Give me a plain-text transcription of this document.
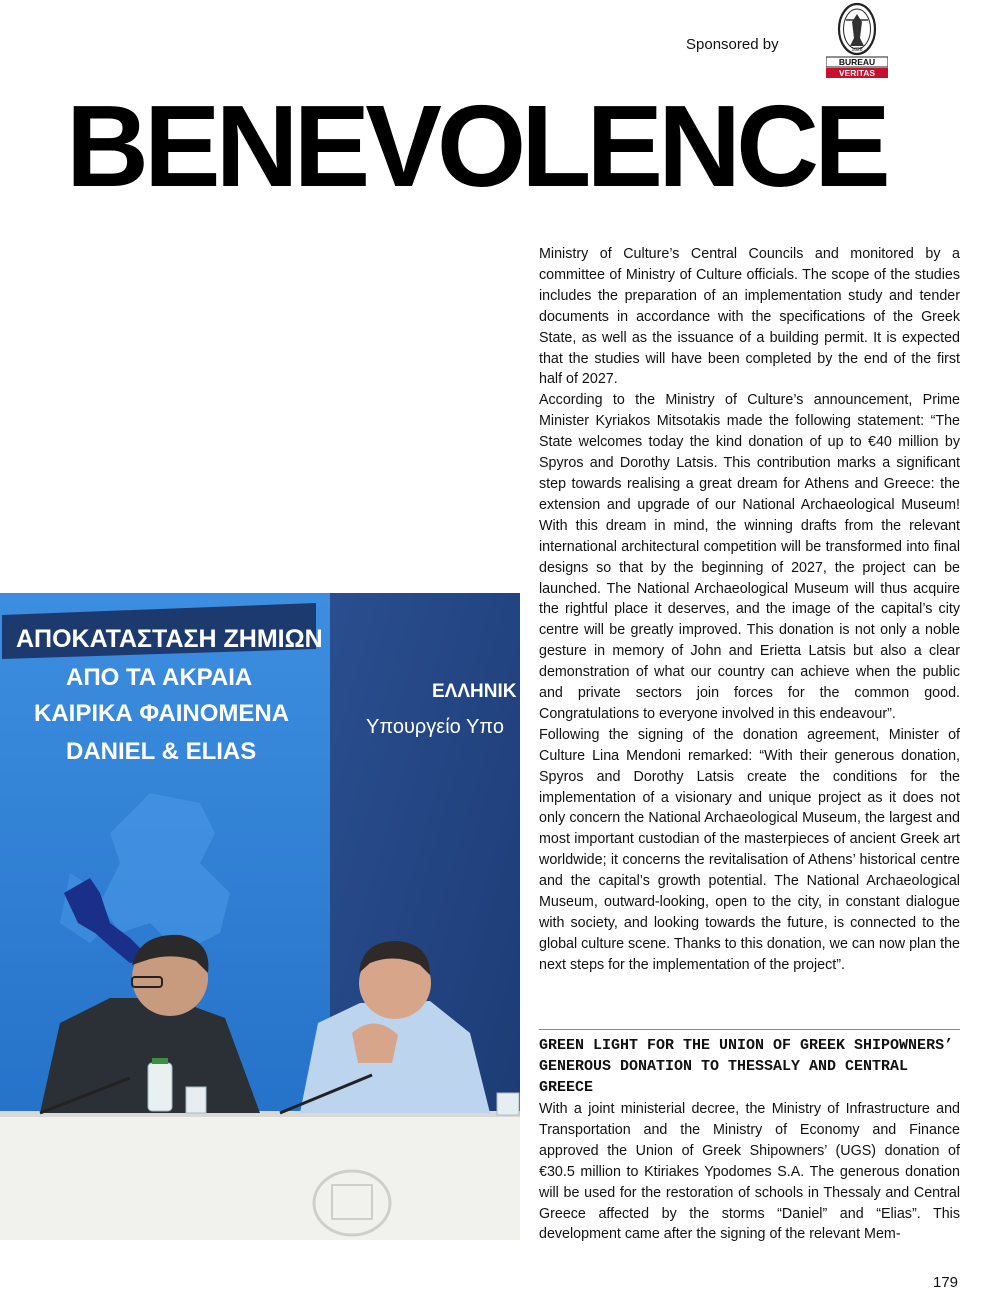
Sponsored by	1828
BUREAU
VERITAS
BENEVOLENCE

Ministry of Culture’s Central Councils and monitored by a committee of Ministry of Culture officials. The scope of the studies includes the preparation of an implementation study and tender documents in accordance with the specifications of the Greek State, as well as the issuance of a building permit. It is expected that the studies will have been completed by the end of the first half of 2027.

According to the Ministry of Culture’s announcement, Prime Minister Kyriakos Mitsotakis made the following statement: “The State welcomes today the kind donation of up to €40 million by Spyros and Dorothy Latsis. This contribution marks a significant step towards realising a great dream for Athens and Greece: the extension and upgrade of our National Archaeological Museum! With this dream in mind, the winning drafts from the relevant international architectural competition will be transformed into final designs so that by the beginning of 2027, the project can be launched. The National Archaeological Museum will thus acquire the rightful place it deserves, and the image of the capital’s city centre will be greatly improved. This donation is not only a noble gesture in memory of John and Erietta Latsis but also a clear demonstration of what our country can achieve when the public and private sectors join forces for the common good. Congratulations to everyone involved in this endeavour”.

Following the signing of the donation agreement, Minister of Culture Lina Mendoni remarked: “With their generous donation, Spyros and Dorothy Latsis create the conditions for the implementation of a visionary and unique project as it does not only concern the National Archaeological Museum, the largest and most important custodian of the masterpieces of ancient Greek art worldwide; it concerns the revitalisation of Athens’ historical centre and the capital’s growth potential. The National Archaeological Museum, outward-looking, open to the city, in constant dialogue with society, and looking towards the future, is connected to the global culture scene. Thanks to this donation, we can now plan the next steps for the implementation of the project”.

GREEN LIGHT FOR THE UNION OF GREEK SHIPOWNERS’ GENEROUS DONATION TO THESSALY AND CENTRAL GREECE

With a joint ministerial decree, the Ministry of Infrastructure and Transportation and the Ministry of Economy and Finance approved the Union of Greek Shipowners’ (UGS) donation of €30.5 million to Ktiriakes Ypodomes S.A. The generous donation will be used for the restoration of schools in Thessaly and Central Greece affected by the storms “Daniel” and “Elias”. This development came after the signing of the relevant Mem-

ΑΠΟΚΑΤΑΣΤΑΣΗ ΖΗΜΙΩΝ
ΑΠΟ ΤΑ ΑΚΡΑΙΑ
ΚΑΙΡΙΚΑ ΦΑΙΝΟΜΕΝΑ
DANIEL & ELIAS
ΕΛΛΗΝΙΚ
Υπουργείο Υπο
179
